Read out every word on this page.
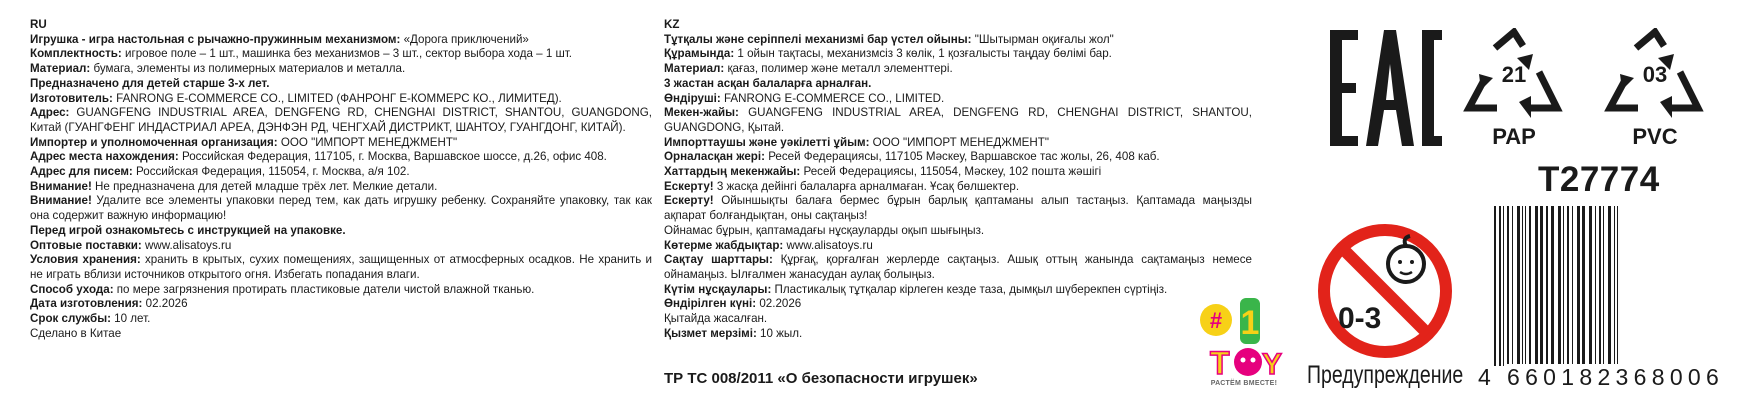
RU

Игрушка - игра настольная с рычажно-пружинным механизмом: «Дорога приключений»

Комплектность: игровое поле – 1 шт., машинка без механизмов – 3 шт., сектор выбора хода – 1 шт.

Материал: бумага, элементы из полимерных материалов и металла.

Предназначено для детей старше 3-х лет.

Изготовитель: FANRONG E-COMMERCE CO., LIMITED (ФАНРОНГ Е-КОММЕРС КО., ЛИМИТЕД).

Адрес: GUANGFENG INDUSTRIAL AREA, DENGFENG RD, CHENGHAI DISTRICT, SHANTOU, GUANGDONG, Китай (ГУАНГФЕНГ ИНДАСТРИАЛ АРЕА, ДЭНФЭН РД, ЧЕНГХАЙ ДИСТРИКТ, ШАНТОУ, ГУАНГДОНГ, КИТАЙ).

Импортер и уполномоченная организация: ООО "ИМПОРТ МЕНЕДЖМЕНТ"

Адрес места нахождения: Российская Федерация, 117105, г. Москва, Варшавское шоссе, д.26, офис 408.

Адрес для писем: Российская Федерация, 115054, г. Москва, а/я 102.

Внимание! Не предназначена для детей младше трёх лет. Мелкие детали.

Внимание! Удалите все элементы упаковки перед тем, как дать игрушку ребенку. Сохраняйте упаковку, так как она содержит важную информацию!

Перед игрой ознакомьтесь с инструкцией на упаковке.

Оптовые поставки: www.alisatoys.ru

Условия хранения: хранить в крытых, сухих помещениях, защищенных от атмосферных осадков. Не хранить и не играть вблизи источников открытого огня. Избегать попадания влаги.

Способ ухода: по мере загрязнения протирать пластиковые датели чистой влажной тканью.

Дата изготовления: 02.2026

Срок службы: 10 лет.

Сделано в Китае

KZ

Тұтқалы және серіппелі механизмі бар үстел ойыны: "Шытырман оқиғалы жол"

Құрамында: 1 ойын тақтасы, механизмсіз 3 көлік, 1 қозғалысты таңдау бөлімі бар.

Материал: қағаз, полимер және металл элементтері.

3 жастан асқан балаларға арналған.

Өндіруші: FANRONG E-COMMERCE CO., LIMITED.

Мекен-жайы: GUANGFENG INDUSTRIAL AREA, DENGFENG RD, CHENGHAI DISTRICT, SHANTOU, GUANGDONG, Қытай.

Импорттаушы және уәкілетті ұйым: ООО "ИМПОРТ МЕНЕДЖМЕНТ"

Орналасқан жері: Ресей Федерациясы, 117105 Мәскеу, Варшавское тас жолы, 26, 408 каб.

Хаттардың мекенжайы: Ресей Федерациясы, 115054, Мәскеу, 102 пошта жәшігі

Ескерту! 3 жасқа дейінгі балаларға арналмаған. Ұсақ бөлшектер.

Ескерту! Ойыншықты балаға бермес бұрын барлық қаптаманы алып тастаңыз. Қаптамада маңызды ақпарат болғандықтан, оны сақтаңыз!

Ойнамас бұрын, қаптамадағы нұсқауларды оқып шығыңыз.

Көтерме жабдықтар: www.alisatoys.ru

Сақтау шарттары: Құрғақ, қорғалған жерлерде сақтаңыз. Ашық оттың жанында сақтамаңыз немесе ойнамаңыз. Ылғалмен жанасудан аулақ болыңыз.

Күтім нұсқаулары: Пластикалық тұтқалар кірлеген кезде таза, дымқыл шүберекпен сүртіңіз.

Өндірілген күні: 02.2026

Қытайда жасалған.

Қызмет мерзімі: 10 жыл.

ТР ТС 008/2011 «О безопасности игрушек»
# 1
T Y
РАСТЁМ ВМЕСТЕ!
21
PAP
03
PVC
0-3
Предупреждение
T27774
4 660182368006
